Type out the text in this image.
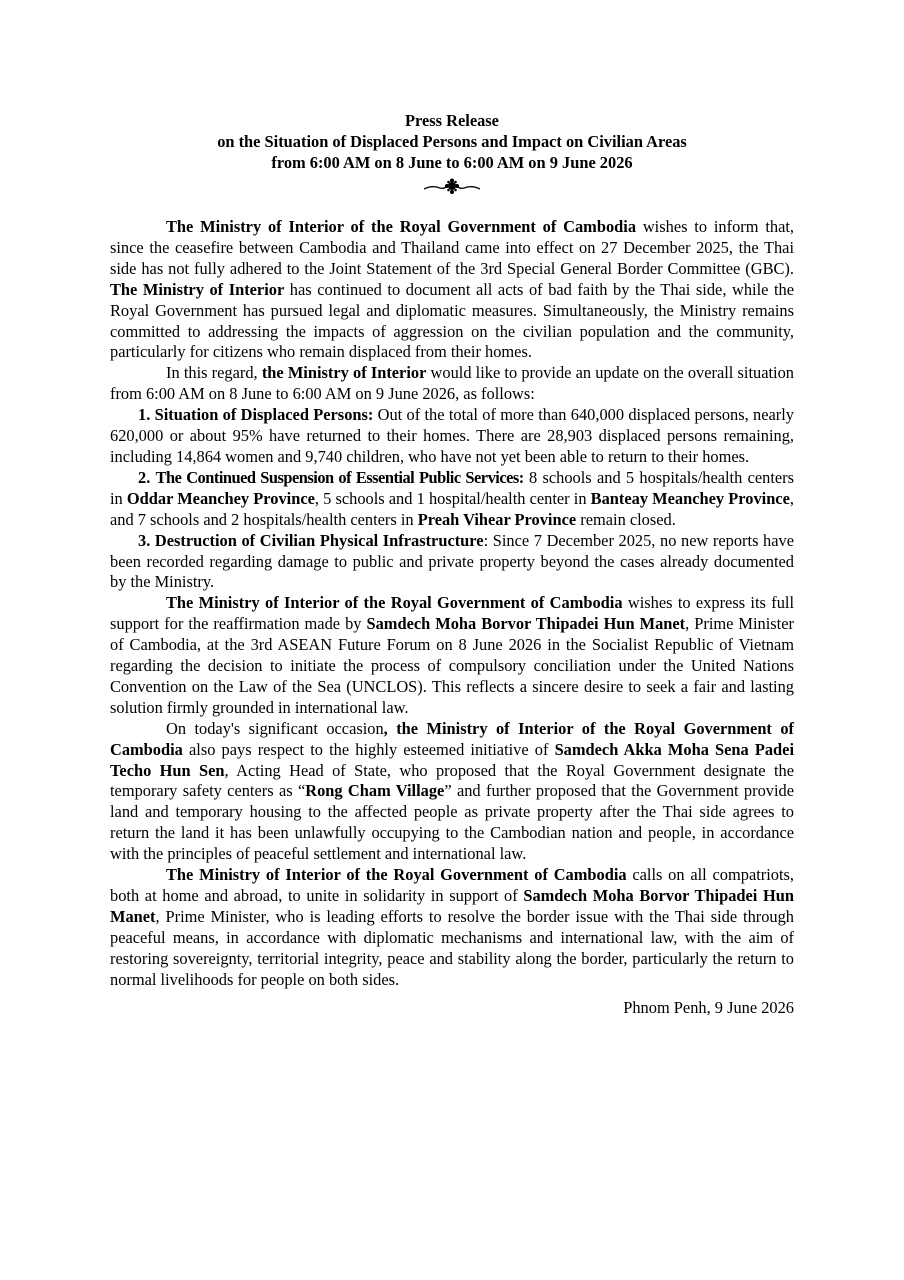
Press Release

on the Situation of Displaced Persons and Impact on Civilian Areas

from 6:00 AM on 8 June to 6:00 AM on 9 June 2026

The Ministry of Interior of the Royal Government of Cambodia wishes to inform that, since the ceasefire between Cambodia and Thailand came into effect on 27 December 2025, the Thai side has not fully adhered to the Joint Statement of the 3rd Special General Border Committee (GBC). The Ministry of Interior has continued to document all acts of bad faith by the Thai side, while the Royal Government has pursued legal and diplomatic measures. Simultaneously, the Ministry remains committed to addressing the impacts of aggression on the civilian population and the community, particularly for citizens who remain displaced from their homes.

In this regard, the Ministry of Interior would like to provide an update on the overall situation from 6:00 AM on 8 June to 6:00 AM on 9 June 2026, as follows:

1. Situation of Displaced Persons: Out of the total of more than 640,000 displaced persons, nearly 620,000 or about 95% have returned to their homes. There are 28,903 displaced persons remaining, including 14,864 women and 9,740 children, who have not yet been able to return to their homes.

2. The Continued Suspension of Essential Public Services: 8 schools and 5 hospitals/health centers in Oddar Meanchey Province, 5 schools and 1 hospital/health center in Banteay Meanchey Province, and 7 schools and 2 hospitals/health centers in Preah Vihear Province remain closed.

3. Destruction of Civilian Physical Infrastructure: Since 7 December 2025, no new reports have been recorded regarding damage to public and private property beyond the cases already documented by the Ministry.

The Ministry of Interior of the Royal Government of Cambodia wishes to express its full support for the reaffirmation made by Samdech Moha Borvor Thipadei Hun Manet, Prime Minister of Cambodia, at the 3rd ASEAN Future Forum on 8 June 2026 in the Socialist Republic of Vietnam regarding the decision to initiate the process of compulsory conciliation under the United Nations Convention on the Law of the Sea (UNCLOS). This reflects a sincere desire to seek a fair and lasting solution firmly grounded in international law.

On today's significant occasion, the Ministry of Interior of the Royal Government of Cambodia also pays respect to the highly esteemed initiative of Samdech Akka Moha Sena Padei Techo Hun Sen, Acting Head of State, who proposed that the Royal Government designate the temporary safety centers as “Rong Cham Village” and further proposed that the Government provide land and temporary housing to the affected people as private property after the Thai side agrees to return the land it has been unlawfully occupying to the Cambodian nation and people, in accordance with the principles of peaceful settlement and international law.

The Ministry of Interior of the Royal Government of Cambodia calls on all compatriots, both at home and abroad, to unite in solidarity in support of Samdech Moha Borvor Thipadei Hun Manet, Prime Minister, who is leading efforts to resolve the border issue with the Thai side through peaceful means, in accordance with diplomatic mechanisms and international law, with the aim of restoring sovereignty, territorial integrity, peace and stability along the border, particularly the return to normal livelihoods for people on both sides.

Phnom Penh, 9 June 2026
